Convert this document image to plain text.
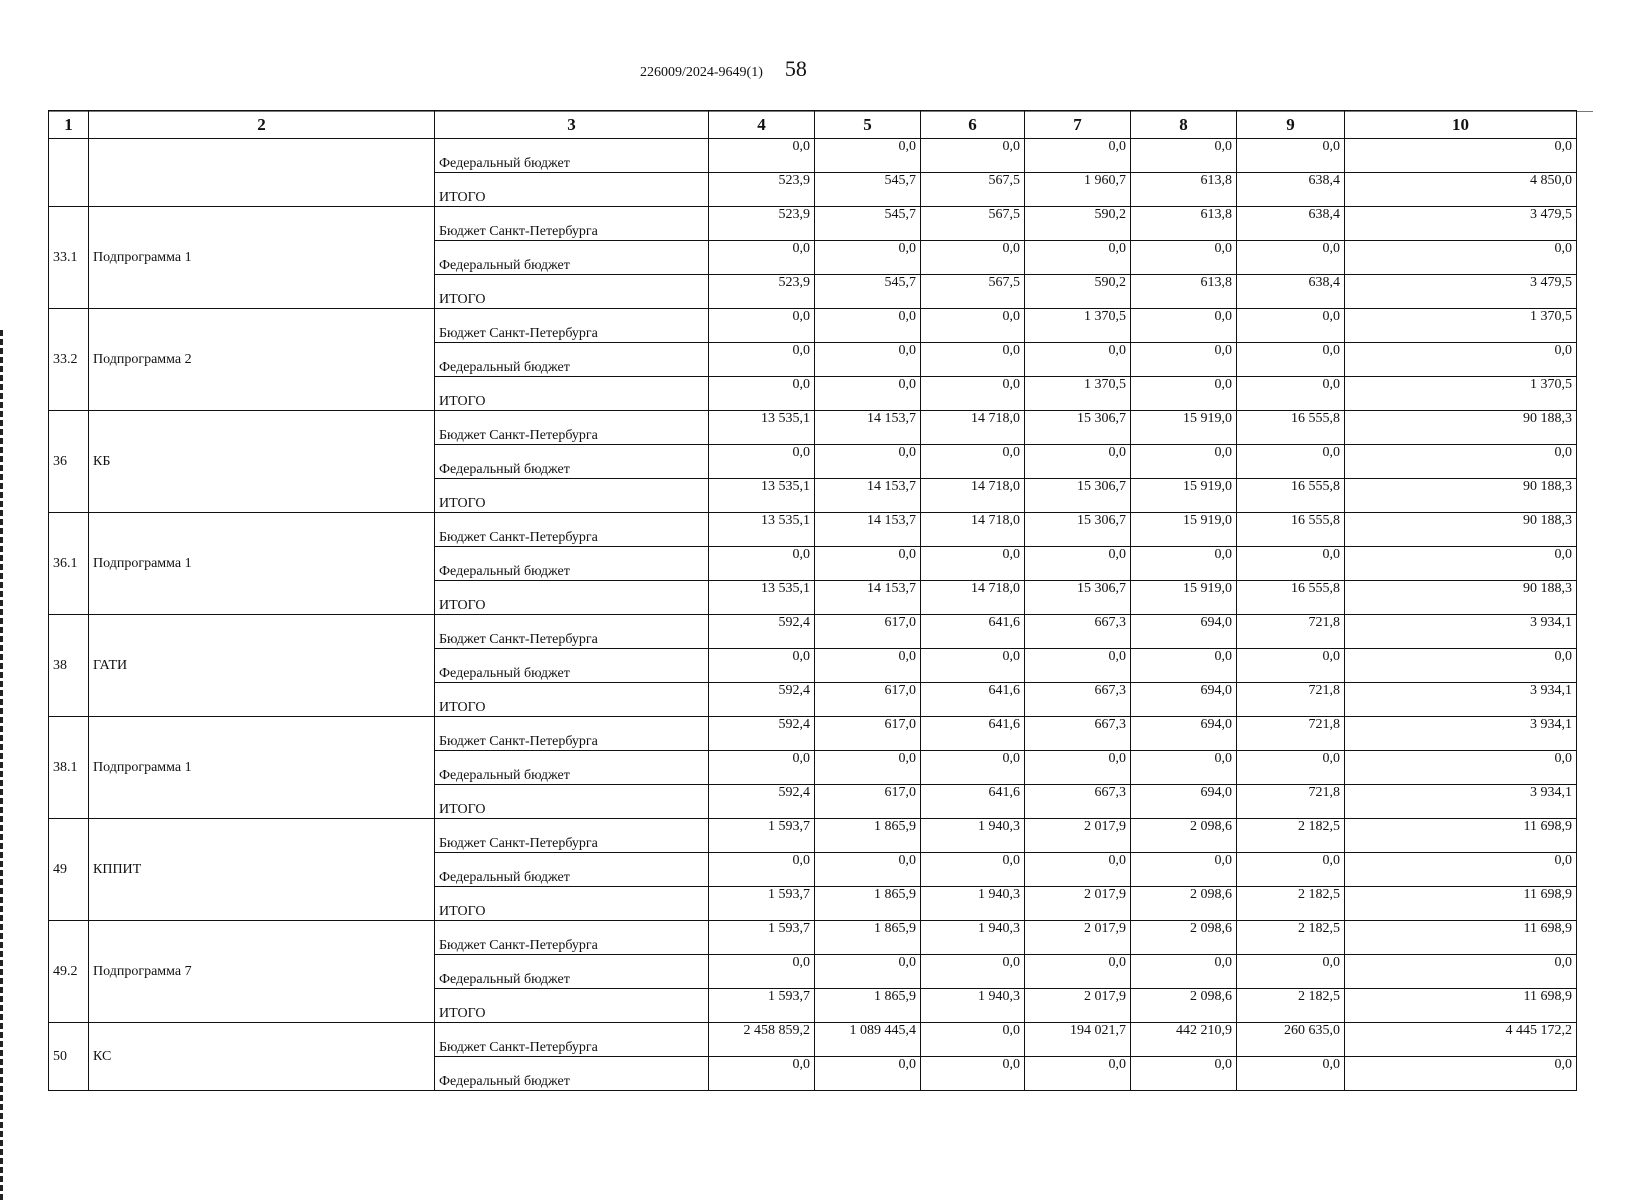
226009/2024-9649(1) 58
1	2	3	4	5	6	7	8	9	10
		Федеральный бюджет	0,0	0,0	0,0	0,0	0,0	0,0	0,0
		ИТОГО	523,9	545,7	567,5	1 960,7	613,8	638,4	4 850,0
33.1	Подпрограмма 1	Бюджет Санкт-Петербурга	523,9	545,7	567,5	590,2	613,8	638,4	3 479,5
		Федеральный бюджет	0,0	0,0	0,0	0,0	0,0	0,0	0,0
		ИТОГО	523,9	545,7	567,5	590,2	613,8	638,4	3 479,5
33.2	Подпрограмма 2	Бюджет Санкт-Петербурга	0,0	0,0	0,0	1 370,5	0,0	0,0	1 370,5
		Федеральный бюджет	0,0	0,0	0,0	0,0	0,0	0,0	0,0
		ИТОГО	0,0	0,0	0,0	1 370,5	0,0	0,0	1 370,5
36	КБ	Бюджет Санкт-Петербурга	13 535,1	14 153,7	14 718,0	15 306,7	15 919,0	16 555,8	90 188,3
		Федеральный бюджет	0,0	0,0	0,0	0,0	0,0	0,0	0,0
		ИТОГО	13 535,1	14 153,7	14 718,0	15 306,7	15 919,0	16 555,8	90 188,3
36.1	Подпрограмма 1	Бюджет Санкт-Петербурга	13 535,1	14 153,7	14 718,0	15 306,7	15 919,0	16 555,8	90 188,3
		Федеральный бюджет	0,0	0,0	0,0	0,0	0,0	0,0	0,0
		ИТОГО	13 535,1	14 153,7	14 718,0	15 306,7	15 919,0	16 555,8	90 188,3
38	ГАТИ	Бюджет Санкт-Петербурга	592,4	617,0	641,6	667,3	694,0	721,8	3 934,1
		Федеральный бюджет	0,0	0,0	0,0	0,0	0,0	0,0	0,0
		ИТОГО	592,4	617,0	641,6	667,3	694,0	721,8	3 934,1
38.1	Подпрограмма 1	Бюджет Санкт-Петербурга	592,4	617,0	641,6	667,3	694,0	721,8	3 934,1
		Федеральный бюджет	0,0	0,0	0,0	0,0	0,0	0,0	0,0
		ИТОГО	592,4	617,0	641,6	667,3	694,0	721,8	3 934,1
49	КППИТ	Бюджет Санкт-Петербурга	1 593,7	1 865,9	1 940,3	2 017,9	2 098,6	2 182,5	11 698,9
		Федеральный бюджет	0,0	0,0	0,0	0,0	0,0	0,0	0,0
		ИТОГО	1 593,7	1 865,9	1 940,3	2 017,9	2 098,6	2 182,5	11 698,9
49.2	Подпрограмма 7	Бюджет Санкт-Петербурга	1 593,7	1 865,9	1 940,3	2 017,9	2 098,6	2 182,5	11 698,9
		Федеральный бюджет	0,0	0,0	0,0	0,0	0,0	0,0	0,0
		ИТОГО	1 593,7	1 865,9	1 940,3	2 017,9	2 098,6	2 182,5	11 698,9
50	КС	Бюджет Санкт-Петербурга	2 458 859,2	1 089 445,4	0,0	194 021,7	442 210,9	260 635,0	4 445 172,2
		Федеральный бюджет	0,0	0,0	0,0	0,0	0,0	0,0	0,0
